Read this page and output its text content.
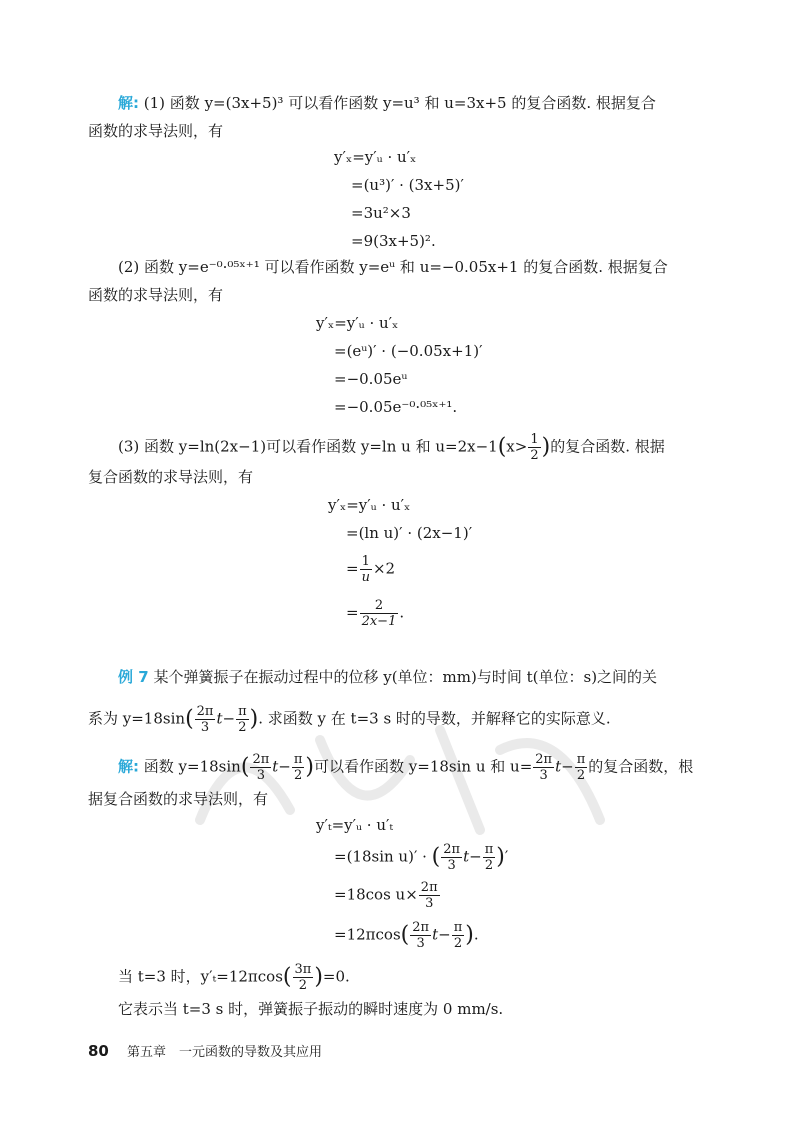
解: (1) 函数 y=(3x+5)³ 可以看作函数 y=u³ 和 u=3x+5 的复合函数. 根据复合
函数的求导法则，有
y′ₓ=y′ᵤ · u′ₓ
=(u³)′ · (3x+5)′
=3u²×3
=9(3x+5)².
(2) 函数 y=e⁻⁰·⁰⁵ˣ⁺¹ 可以看作函数 y=eᵘ 和 u=−0.05x+1 的复合函数. 根据复合
函数的求导法则，有
y′ₓ=y′ᵤ · u′ₓ
=(eᵘ)′ · (−0.05x+1)′
=−0.05eᵘ
=−0.05e⁻⁰·⁰⁵ˣ⁺¹.
(3) 函数 y=ln(2x−1)可以看作函数 y=ln u 和 $u=2x-1(x> \frac{1}{2}$ )的复合函数. 根据
复合函数的求导法则，有
y′ₓ=y′ᵤ · u′ₓ
=(ln u)′ · (2x−1)′
= $\frac{1}{u} \times 2$
= $\frac{2}{2x-1}$ .
例 7 某个弹簧振子在振动过程中的位移 y(单位：mm)与时间 t(单位：s)之间的关
系为 $y=18\sin( \frac{2\pi}{3} t- \frac{\pi}{2}$ ). 求函数 y 在 t=3 s 时的导数，并解释它的实际意义.
解: 函数 $y=18\sin( \frac{2\pi}{3} t- \frac{\pi}{2}$ )可以看作函数 y=18sin u 和 $u= \frac{2\pi}{3} t- \frac{\pi}{2}$ 的复合函数，根
据复合函数的求导法则，有
y′ₜ=y′ᵤ · u′ₜ
=(18sin u)′ · ( $\frac{2\pi}{3} t- \frac{\pi}{2}$ )′
=18cos $u\times \frac{2\pi}{3}$
$=12\pi\cos( \frac{2\pi}{3} t- \frac{\pi}{2}$ ).
当 t=3 时，$y'_t=12\pi\cos( \frac{3\pi}{2} )=0$.
它表示当 t=3 s 时，弹簧振子振动的瞬时速度为 0 mm/s.
80 第五章　一元函数的导数及其应用
